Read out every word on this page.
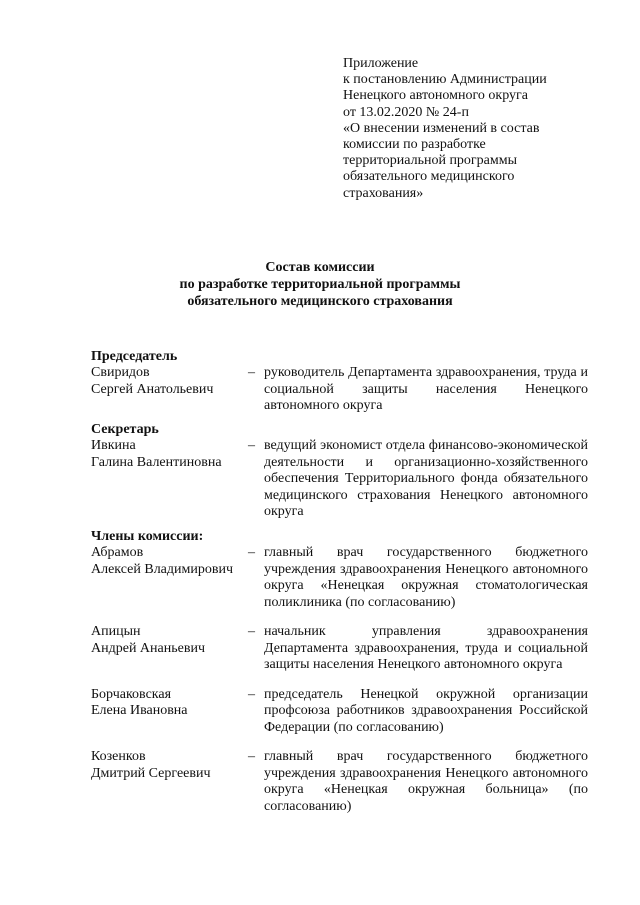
Приложение
к постановлению Администрации
Ненецкого автономного округа
от 13.02.2020 № 24-п
«О внесении изменений в состав
комиссии по разработке
территориальной программы
обязательного медицинского
страхования»
Состав комиссии
по разработке территориальной программы
обязательного медицинского страхования
Председатель
Свиридов
Сергей Анатольевич
– руководитель Департамента здравоохранения, труда и социальной защиты населения Ненецкого автономного округа
Секретарь
Ивкина
Галина Валентиновна
– ведущий экономист отдела финансово-экономической деятельности и организационно-хозяйственного обеспечения Территориального фонда обязательного медицинского страхования Ненецкого автономного округа
Члены комиссии:
Абрамов
Алексей Владимирович
– главный врач государственного бюджетного учреждения здравоохранения Ненецкого автономного округа «Ненецкая окружная стоматологическая поликлиника (по согласованию)
Апицын
Андрей Ананьевич
– начальник управления здравоохранения Департамента здравоохранения, труда и социальной защиты населения Ненецкого автономного округа
Борчаковская
Елена Ивановна
– председатель Ненецкой окружной организации профсоюза работников здравоохранения Российской Федерации (по согласованию)
Козенков
Дмитрий Сергеевич
– главный врач государственного бюджетного учреждения здравоохранения Ненецкого автономного округа «Ненецкая окружная больница» (по согласованию)
